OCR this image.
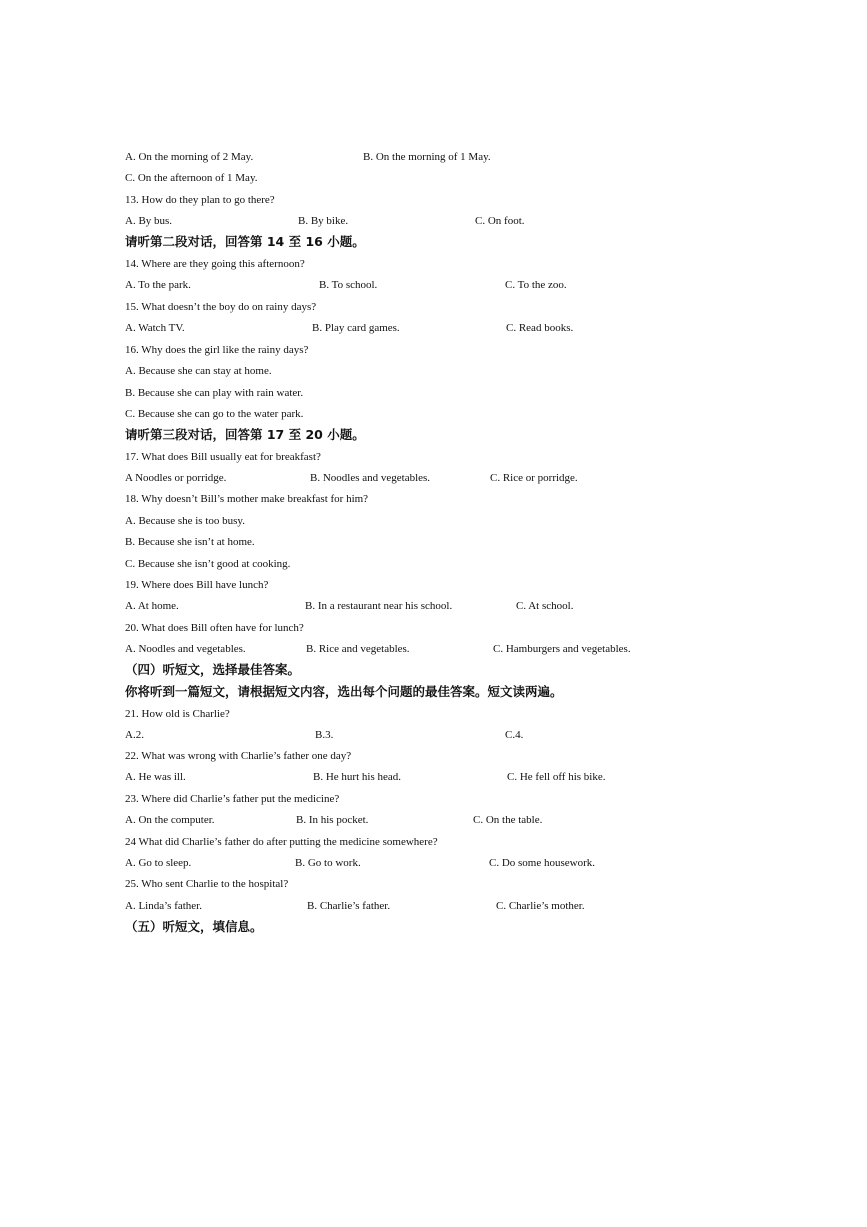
A. On the morning of 2 May.	B. On the morning of 1 May.
C. On the afternoon of 1 May.
13. How do they plan to go there?
A. By bus.	B. By bike.	C. On foot.
请听第二段对话，回答第 14 至 16 小题。
14. Where are they going this afternoon?
A. To the park.	B. To school.	C. To the zoo.
15. What doesn’t the boy do on rainy days?
A. Watch TV.	B. Play card games.	C. Read books.
16. Why does the girl like the rainy days?
A. Because she can stay at home.
B. Because she can play with rain water.
C. Because she can go to the water park.
请听第三段对话，回答第 17 至 20 小题。
17. What does Bill usually eat for breakfast?
A Noodles or porridge.	B. Noodles and vegetables.	C. Rice or porridge.
18. Why doesn’t Bill’s mother make breakfast for him?
A. Because she is too busy.
B. Because she isn’t at home.
C. Because she isn’t good at cooking.
19. Where does Bill have lunch?
A. At home.	B. In a restaurant near his school.	C. At school.
20. What does Bill often have for lunch?
A. Noodles and vegetables.	B. Rice and vegetables.	C. Hamburgers and vegetables.
（四）听短文，选择最佳答案。
你将听到一篇短文，请根据短文内容，选出每个问题的最佳答案。短文读两遍。
21. How old is Charlie?
A.2.	B.3.	C.4.
22. What was wrong with Charlie’s father one day?
A. He was ill.	B. He hurt his head.	C. He fell off his bike.
23. Where did Charlie’s father put the medicine?
A. On the computer.	B. In his pocket.	C. On the table.
24 What did Charlie’s father do after putting the medicine somewhere?
A. Go to sleep.	B. Go to work.	C. Do some housework.
25. Who sent Charlie to the hospital?
A. Linda’s father.	B. Charlie’s father.	C. Charlie’s mother.
（五）听短文，填信息。
